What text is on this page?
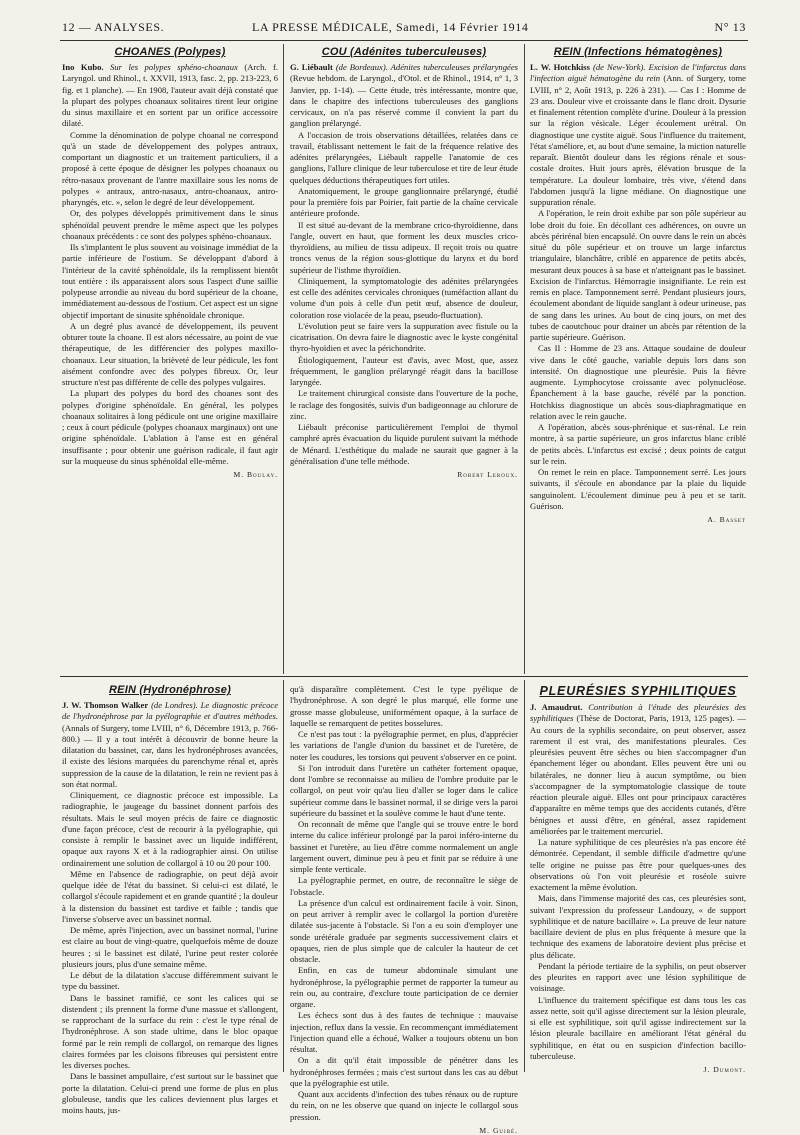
12 — ANALYSES.	LA PRESSE MÉDICALE, Samedi, 14 Février 1914	N° 13
CHOANES (Polypes)

Ino Kubo. Sur les polypes sphéno-choanaux (Arch. f. Laryngol. und Rhinol., t. XXVII, 1913, fasc. 2, pp. 213-223, 6 fig. et 1 planche). — En 1908, l'auteur avait déjà constaté que la plupart des polypes choanaux solitaires tirent leur origine du sinus maxillaire et en sortent par un orifice accessoire dilaté.

Comme la dénomination de polype choanal ne correspond qu'à un stade de développement des polypes antraux, comportant un diagnostic et un traitement particuliers, il a proposé à cette époque de désigner les polypes choanaux ou rétro-nasaux provenant de l'antre maxillaire sous les noms de polypes « antraux, antro-nasaux, antro-choanaux, antro-pharyngés, etc. », selon le degré de leur développement.

Or, des polypes développés primitivement dans le sinus sphénoïdal peuvent prendre le même aspect que les polypes choanaux précédents : ce sont des polypes sphéno-choanaux.

Ils s'implantent le plus souvent au voisinage immédiat de la partie inférieure de l'ostium. Se développant d'abord à l'intérieur de la cavité sphénoïdale, ils la remplissent bientôt tout entière : ils apparaissent alors sous l'aspect d'une saillie polypeuse arrondie au niveau du bord supérieur de la choane, immédiatement au-dessous de l'ostium. Cet aspect est un signe objectif important de sinusite sphénoïdale chronique.

A un degré plus avancé de développement, ils peuvent obturer toute la choane. Il est alors nécessaire, au point de vue thérapeutique, de les différencier des polypes maxillo-choanaux. Leur situation, la brièveté de leur pédicule, les font aisément confondre avec des polypes fibreux. Or, leur structure n'est pas différente de celle des polypes vulgaires.

La plupart des polypes du bord des choanes sont des polypes d'origine sphénoïdale. En général, les polypes choanaux solitaires à long pédicule ont une origine maxillaire ; ceux à court pédicule (polypes choanaux marginaux) ont une origine sphénoïdale. L'ablation à l'anse est en général insuffisante ; pour obtenir une guérison radicale, il faut agir sur la muqueuse du sinus sphénoïdal elle-même.

M. Boulay.
COU (Adénites tuberculeuses)

G. Liébault (de Bordeaux). Adénites tuberculeuses prélaryngées (Revue hebdom. de Laryngol., d'Otol. et de Rhinol., 1914, n° 1, 3 Janvier, pp. 1-14). — Cette étude, très intéressante, montre que, dans le chapitre des infections tuberculeuses des ganglions cervicaux, on n'a pas réservé comme il convient la part du ganglion prélaryngé.

A l'occasion de trois observations détaillées, relatées dans ce travail, établissant nettement le fait de la fréquence relative des adénites prélaryngées, Liébault rappelle l'anatomie de ces ganglions, l'allure clinique de leur tuberculose et tire de leur étude quelques déductions thérapeutiques fort utiles.

Anatomiquement, le groupe ganglionnaire prélaryngé, étudié pour la première fois par Poirier, fait partie de la chaîne cervicale antérieure profonde.

Il est situé au-devant de la membrane crico-thyroïdienne, dans l'angle, ouvert en haut, que forment les deux muscles crico-thyroïdiens, au milieu de tissu adipeux. Il reçoit trois ou quatre troncs venus de la région sous-glottique du larynx et du bord supérieur de l'isthme thyroïdien.

Cliniquement, la symptomatologie des adénites prélaryngées est celle des adénites cervicales chroniques (tuméfaction allant du volume d'un pois à celle d'un petit œuf, absence de douleur, coloration rose violacée de la peau, pseudo-fluctuation).

L'évolution peut se faire vers la suppuration avec fistule ou la cicatrisation. On devra faire le diagnostic avec le kyste congénital thyro-hyoïdien et avec la périchondrite.

Étiologiquement, l'auteur est d'avis, avec Most, que, assez fréquemment, le ganglion prélaryngé réagit dans la bacillose laryngée.

Le traitement chirurgical consiste dans l'ouverture de la poche, le raclage des fongosités, suivis d'un badigeonnage au chlorure de zinc.

Liébault préconise particulièrement l'emploi de thymol camphré après évacuation du liquide purulent suivant la méthode de Ménard. L'esthétique du malade ne saurait que gagner à la généralisation d'une telle méthode.

Robert Leroux.
REIN (Infections hématogènes)

L. W. Hotchkiss (de New-York). Excision de l'infarctus dans l'infection aiguë hématogène du rein (Ann. of Surgery, tome LVIII, n° 2, Août 1913, p. 226 à 231). — Cas I : Homme de 23 ans. Douleur vive et croissante dans le flanc droit. Dysurie et finalement rétention complète d'urine. Douleur à la pression sur la région vésicale. Léger écoulement urétral. On diagnostique une cystite aiguë. Sous l'influence du traitement, l'état s'améliore, et, au bout d'une semaine, la miction naturelle reparaît. Bientôt douleur dans les régions rénale et sous-costale droites. Huit jours après, élévation brusque de la température. La douleur lombaire, très vive, s'étend dans l'abdomen jusqu'à la ligne médiane. On diagnostique une suppuration rénale.

A l'opération, le rein droit exhibe par son pôle supérieur au lobe droit du foie. En décollant ces adhérences, on ouvre un abcès périrénal bien encapsulé. On ouvre dans le rein un abcès situé du pôle supérieur et on trouve un large infarctus triangulaire, blanchâtre, criblé en apparence de petits abcès, mesurant deux pouces à sa base et n'atteignant pas le bassinet. Excision de l'infarctus. Hémorragie insignifiante. Le rein est remis en place. Tamponnement serré. Pendant plusieurs jours, écoulement abondant de liquide sanglant à odeur urineuse, pas de sang dans les urines. Au bout de cinq jours, on met des tubes de caoutchouc pour drainer un abcès par rétention de la partie supérieure. Guérison.

Cas II : Homme de 23 ans. Attaque soudaine de douleur vive dans le côté gauche, variable depuis lors dans son intensité. On diagnostique une pleurésie. Puis la fièvre augmente. Lymphocytose croissante avec polynucléose. Épanchement à la base gauche, révélé par la ponction. Hotchkiss diagnostique un abcès sous-diaphragmatique en relation avec le rein gauche.

A l'opération, abcès sous-phrénique et sus-rénal. Le rein montre, à sa partie supérieure, un gros infarctus blanc criblé de petits abcès. L'infarctus est excisé ; deux points de catgut sur le rein.

On remet le rein en place. Tamponnement serré. Les jours suivants, il s'écoule en abondance par la plaie du liquide sanguinolent. L'écoulement diminue peu à peu et se tarit. Guérison.

A. Basset
REIN (Hydronéphrose)

J. W. Thomson Walker (de Londres). Le diagnostic précoce de l'hydronéphrose par la pyélographie et d'autres méthodes. (Annals of Surgery, tome LVIII, n° 6, Décembre 1913, p. 766-800.) — Il y a tout intérêt à découvrir de bonne heure la dilatation du bassinet, car, dans les hydronéphroses avancées, il existe des lésions marquées du parenchyme rénal et, après suppression de la cause de la dilatation, le rein ne revient pas à son état normal.

Cliniquement, ce diagnostic précoce est impossible. La radiographie, le jaugeage du bassinet donnent parfois des résultats. Mais le seul moyen précis de faire ce diagnostic d'une façon précoce, c'est de recourir à la pyélographie, qui consiste à remplir le bassinet avec un liquide indifférent, opaque aux rayons X et à la radiographier ainsi. On utilise ordinairement une solution de collargol à 10 ou 20 pour 100.

Même en l'absence de radiographie, on peut déjà avoir quelque idée de l'état du bassinet. Si celui-ci est dilaté, le collargol s'écoule rapidement et en grande quantité ; la douleur à la distension du bassinet est tardive et faible ; tandis que l'inverse s'observe avec un bassinet normal.

De même, après l'injection, avec un bassinet normal, l'urine est claire au bout de vingt-quatre, quelquefois même de douze heures ; si le bassinet est dilaté, l'urine peut rester colorée plusieurs jours, plus d'une semaine même.

Le début de la dilatation s'accuse différemment suivant le type du bassinet.

Dans le bassinet ramifié, ce sont les calices qui se distendent ; ils prennent la forme d'une massue et s'allongent, se rapprochant de la surface du rein : c'est le type rénal de l'hydronéphrose. A son stade ultime, dans le bloc opaque formé par le rein rempli de collargol, on remarque des lignes claires formées par les cloisons fibreuses qui persistent entre les diverses poches.

Dans le bassinet ampullaire, c'est surtout sur le bassinet que porte la dilatation. Celui-ci prend une forme de plus en plus globuleuse, tandis que les calices deviennent plus larges et moins hauts, jus-

qu'à disparaître complètement. C'est le type pyélique de l'hydronéphrose. A son degré le plus marqué, elle forme une grosse masse globuleuse, uniformément opaque, à la surface de laquelle se remarquent de petites bosselures.

Ce n'est pas tout : la pyélographie permet, en plus, d'apprécier les variations de l'angle d'union du bassinet et de l'uretère, de noter les coudures, les torsions qui peuvent s'observer en ce point.

Si l'on introduit dans l'uretère un cathéter fortement opaque, dont l'ombre se reconnaisse au milieu de l'ombre produite par le collargol, on peut voir qu'au lieu d'aller se loger dans le calice supérieur comme dans le bassinet normal, il se dirige vers la paroi supérieure du bassinet et la soulève comme le haut d'une tente.

On reconnaît de même que l'angle qui se trouve entre le bord interne du calice inférieur prolongé par la paroi inféro-interne du bassinet et l'uretère, au lieu d'être comme normalement un angle largement ouvert, diminue peu à peu et finit par se réduire à une simple fente verticale.

La pyélographie permet, en outre, de reconnaître le siège de l'obstacle.

La présence d'un calcul est ordinairement facile à voir. Sinon, on peut arriver à remplir avec le collargol la portion d'uretère dilatée sus-jacente à l'obstacle. Si l'on a eu soin d'employer une sonde urétérale graduée par segments successivement clairs et opaques, rien de plus simple que de calculer la hauteur de cet obstacle.

Enfin, en cas de tumeur abdominale simulant une hydronéphrose, la pyélographie permet de rapporter la tumeur au rein ou, au contraire, d'exclure toute participation de ce dernier organe.

Les échecs sont dus à des fautes de technique : mauvaise injection, reflux dans la vessie. En recommençant immédiatement l'injection quand elle a échoué, Walker a toujours obtenu un bon résultat.

On a dit qu'il était impossible de pénétrer dans les hydronéphroses fermées ; mais c'est surtout dans les cas au début que la pyélographie est utile.

Quant aux accidents d'infection des tubes rénaux ou de rupture du rein, on ne les observe que quand on injecte le collargol sous pression.

M. Guibé.
PLEURÉSIES SYPHILITIQUES

J. Amaudrut. Contribution à l'étude des pleurésies des syphilitiques (Thèse de Doctorat, Paris, 1913, 125 pages). — Au cours de la syphilis secondaire, on peut observer, assez rarement il est vrai, des manifestations pleurales. Ces pleurésies peuvent être sèches ou bien s'accompagner d'un épanchement léger ou abondant. Elles peuvent être uni ou bilatérales, ne donner lieu à aucun symptôme, ou bien s'accompagner de la symptomatologie classique de toute réaction pleurale aiguë. Elles ont pour principaux caractères d'apparaître en même temps que des accidents cutanés, d'être bénignes et aussi d'être, en général, assez rapidement améliorées par le traitement mercuriel.

La nature syphilitique de ces pleurésies n'a pas encore été démontrée. Cependant, il semble difficile d'admettre qu'une telle origine ne puisse pas être pour quelques-unes des observations où l'on voit pleurésie et roséole suivre exactement la même évolution.

Mais, dans l'immense majorité des cas, ces pleurésies sont, suivant l'expression du professeur Landouzy, « de support syphilitique et de nature bacillaire ». La preuve de leur nature bacillaire devient de plus en plus fréquente à mesure que la technique des examens de laboratoire devient plus précise et plus délicate.

Pendant la période tertiaire de la syphilis, on peut observer des pleurites en rapport avec une lésion syphilitique de voisinage.

L'influence du traitement spécifique est dans tous les cas assez nette, soit qu'il agisse directement sur la lésion pleurale, si elle est syphilitique, soit qu'il agisse indirectement sur la lésion pleurale bacillaire en améliorant l'état général du syphilitique, en état ou en suspicion d'infection bacillo-tuberculeuse.

J. Dumont.
